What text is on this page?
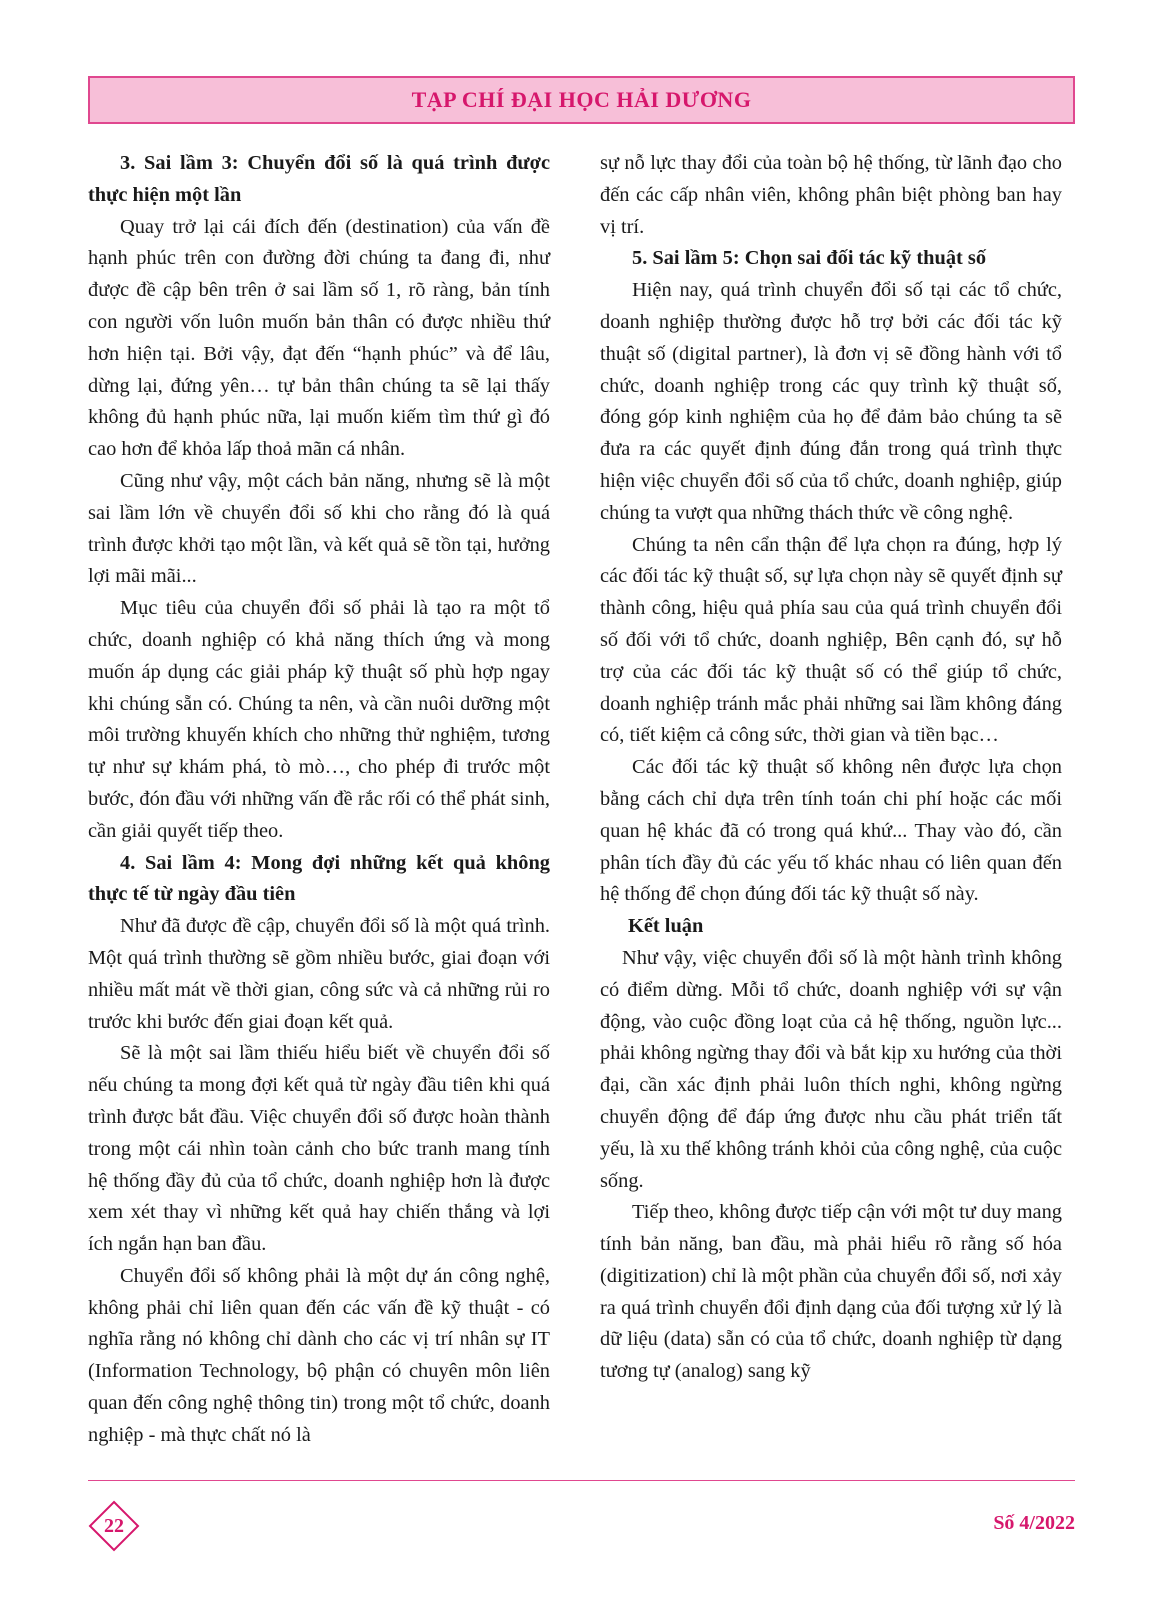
TẠP CHÍ ĐẠI HỌC HẢI DƯƠNG

3. Sai lầm 3: Chuyển đổi số là quá trình được thực hiện một lần

Quay trở lại cái đích đến (destination) của vấn đề hạnh phúc trên con đường đời chúng ta đang đi, như được đề cập bên trên ở sai lầm số 1, rõ ràng, bản tính con người vốn luôn muốn bản thân có được nhiều thứ hơn hiện tại. Bởi vậy, đạt đến “hạnh phúc” và để lâu, dừng lại, đứng yên… tự bản thân chúng ta sẽ lại thấy không đủ hạnh phúc nữa, lại muốn kiếm tìm thứ gì đó cao hơn để khỏa lấp thoả mãn cá nhân.

Cũng như vậy, một cách bản năng, nhưng sẽ là một sai lầm lớn về chuyển đổi số khi cho rằng đó là quá trình được khởi tạo một lần, và kết quả sẽ tồn tại, hưởng lợi mãi mãi...

Mục tiêu của chuyển đổi số phải là tạo ra một tổ chức, doanh nghiệp có khả năng thích ứng và mong muốn áp dụng các giải pháp kỹ thuật số phù hợp ngay khi chúng sẵn có. Chúng ta nên, và cần nuôi dưỡng một môi trường khuyến khích cho những thử nghiệm, tương tự như sự khám phá, tò mò…, cho phép đi trước một bước, đón đầu với những vấn đề rắc rối có thể phát sinh, cần giải quyết tiếp theo.

4. Sai lầm 4: Mong đợi những kết quả không thực tế từ ngày đầu tiên

Như đã được đề cập, chuyển đổi số là một quá trình. Một quá trình thường sẽ gồm nhiều bước, giai đoạn với nhiều mất mát về thời gian, công sức và cả những rủi ro trước khi bước đến giai đoạn kết quả.

Sẽ là một sai lầm thiếu hiểu biết về chuyển đổi số nếu chúng ta mong đợi kết quả từ ngày đầu tiên khi quá trình được bắt đầu. Việc chuyển đổi số được hoàn thành trong một cái nhìn toàn cảnh cho bức tranh mang tính hệ thống đầy đủ của tổ chức, doanh nghiệp hơn là được xem xét thay vì những kết quả hay chiến thắng và lợi ích ngắn hạn ban đầu.

Chuyển đổi số không phải là một dự án công nghệ, không phải chỉ liên quan đến các vấn đề kỹ thuật - có nghĩa rằng nó không chỉ dành cho các vị trí nhân sự IT (Information Technology, bộ phận có chuyên môn liên quan đến công nghệ thông tin) trong một tổ chức, doanh nghiệp - mà thực chất nó là

sự nỗ lực thay đổi của toàn bộ hệ thống, từ lãnh đạo cho đến các cấp nhân viên, không phân biệt phòng ban hay vị trí.

5. Sai lầm 5: Chọn sai đối tác kỹ thuật số

Hiện nay, quá trình chuyển đổi số tại các tổ chức, doanh nghiệp thường được hỗ trợ bởi các đối tác kỹ thuật số (digital partner), là đơn vị sẽ đồng hành với tổ chức, doanh nghiệp trong các quy trình kỹ thuật số, đóng góp kinh nghiệm của họ để đảm bảo chúng ta sẽ đưa ra các quyết định đúng đắn trong quá trình thực hiện việc chuyển đổi số của tổ chức, doanh nghiệp, giúp chúng ta vượt qua những thách thức về công nghệ.

Chúng ta nên cẩn thận để lựa chọn ra đúng, hợp lý các đối tác kỹ thuật số, sự lựa chọn này sẽ quyết định sự thành công, hiệu quả phía sau của quá trình chuyển đổi số đối với tổ chức, doanh nghiệp, Bên cạnh đó, sự hỗ trợ của các đối tác kỹ thuật số có thể giúp tổ chức, doanh nghiệp tránh mắc phải những sai lầm không đáng có, tiết kiệm cả công sức, thời gian và tiền bạc…

Các đối tác kỹ thuật số không nên được lựa chọn bằng cách chỉ dựa trên tính toán chi phí hoặc các mối quan hệ khác đã có trong quá khứ... Thay vào đó, cần phân tích đầy đủ các yếu tố khác nhau có liên quan đến hệ thống để chọn đúng đối tác kỹ thuật số này.

Kết luận

Như vậy, việc chuyển đổi số là một hành trình không có điểm dừng. Mỗi tổ chức, doanh nghiệp với sự vận động, vào cuộc đồng loạt của cả hệ thống, nguồn lực... phải không ngừng thay đổi và bắt kịp xu hướng của thời đại, cần xác định phải luôn thích nghi, không ngừng chuyển động để đáp ứng được nhu cầu phát triển tất yếu, là xu thế không tránh khỏi của công nghệ, của cuộc sống.

Tiếp theo, không được tiếp cận với một tư duy mang tính bản năng, ban đầu, mà phải hiểu rõ rằng số hóa (digitization) chỉ là một phần của chuyển đổi số, nơi xảy ra quá trình chuyển đổi định dạng của đối tượng xử lý là dữ liệu (data) sẵn có của tổ chức, doanh nghiệp từ dạng tương tự (analog) sang kỹ

22	Số 4/2022
